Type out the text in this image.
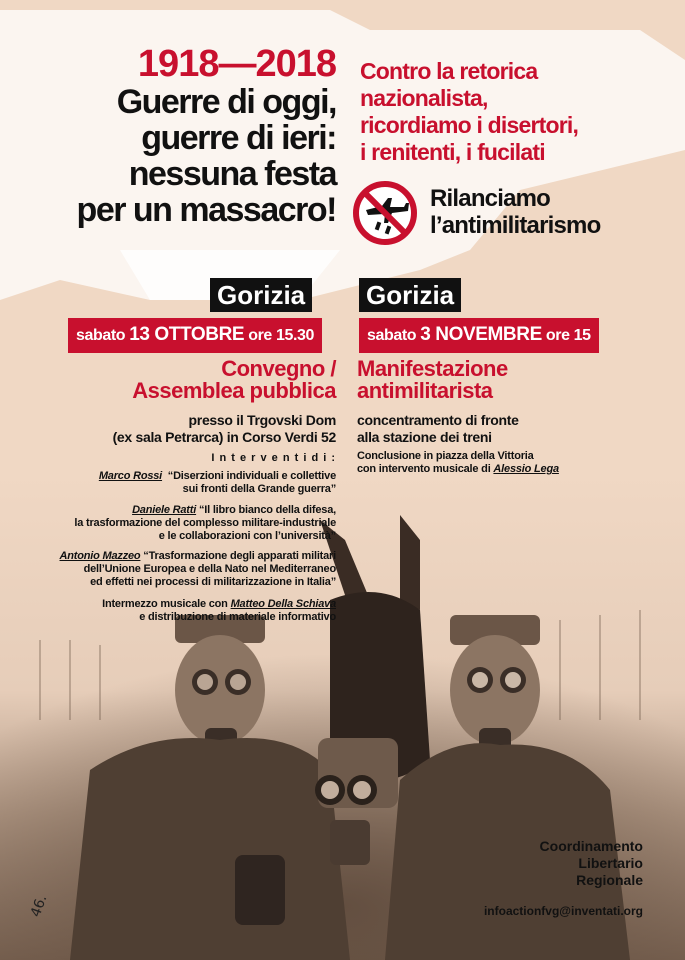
1918—2018
Guerre di oggi,
guerre di ieri:
nessuna festa
per un massacro!
Contro la retorica
nazionalista,
ricordiamo i disertori,
i renitenti, i fucilati
Rilanciamo
l’antimilitarismo
Gorizia
sabato 13 OTTOBRE ore 15.30
Convegno /
Assemblea pubblica
presso il Trgovski Dom
(ex sala Petrarca) in Corso Verdi 52
I n t e r v e n t i d i :
Marco Rossi “Diserzioni individuali e collettive
sui fronti della Grande guerra”
Daniele Ratti “Il libro bianco della difesa,
la trasformazione del complesso militare-industriale
e le collaborazioni con l’università”
Antonio Mazzeo “Trasformazione degli apparati militari
dell’Unione Europea e della Nato nel Mediterraneo
ed effetti nei processi di militarizzazione in Italia”
Intermezzo musicale con Matteo Della Schiava
e distribuzione di materiale informativo
Gorizia
sabato 3 NOVEMBRE ore 15
Manifestazione
antimilitarista
concentramento di fronte
alla stazione dei treni
Conclusione in piazza della Vittoria
con intervento musicale di Alessio Lega
Coordinamento
Libertario
Regionale
infoactionfvg@inventati.org
46.
